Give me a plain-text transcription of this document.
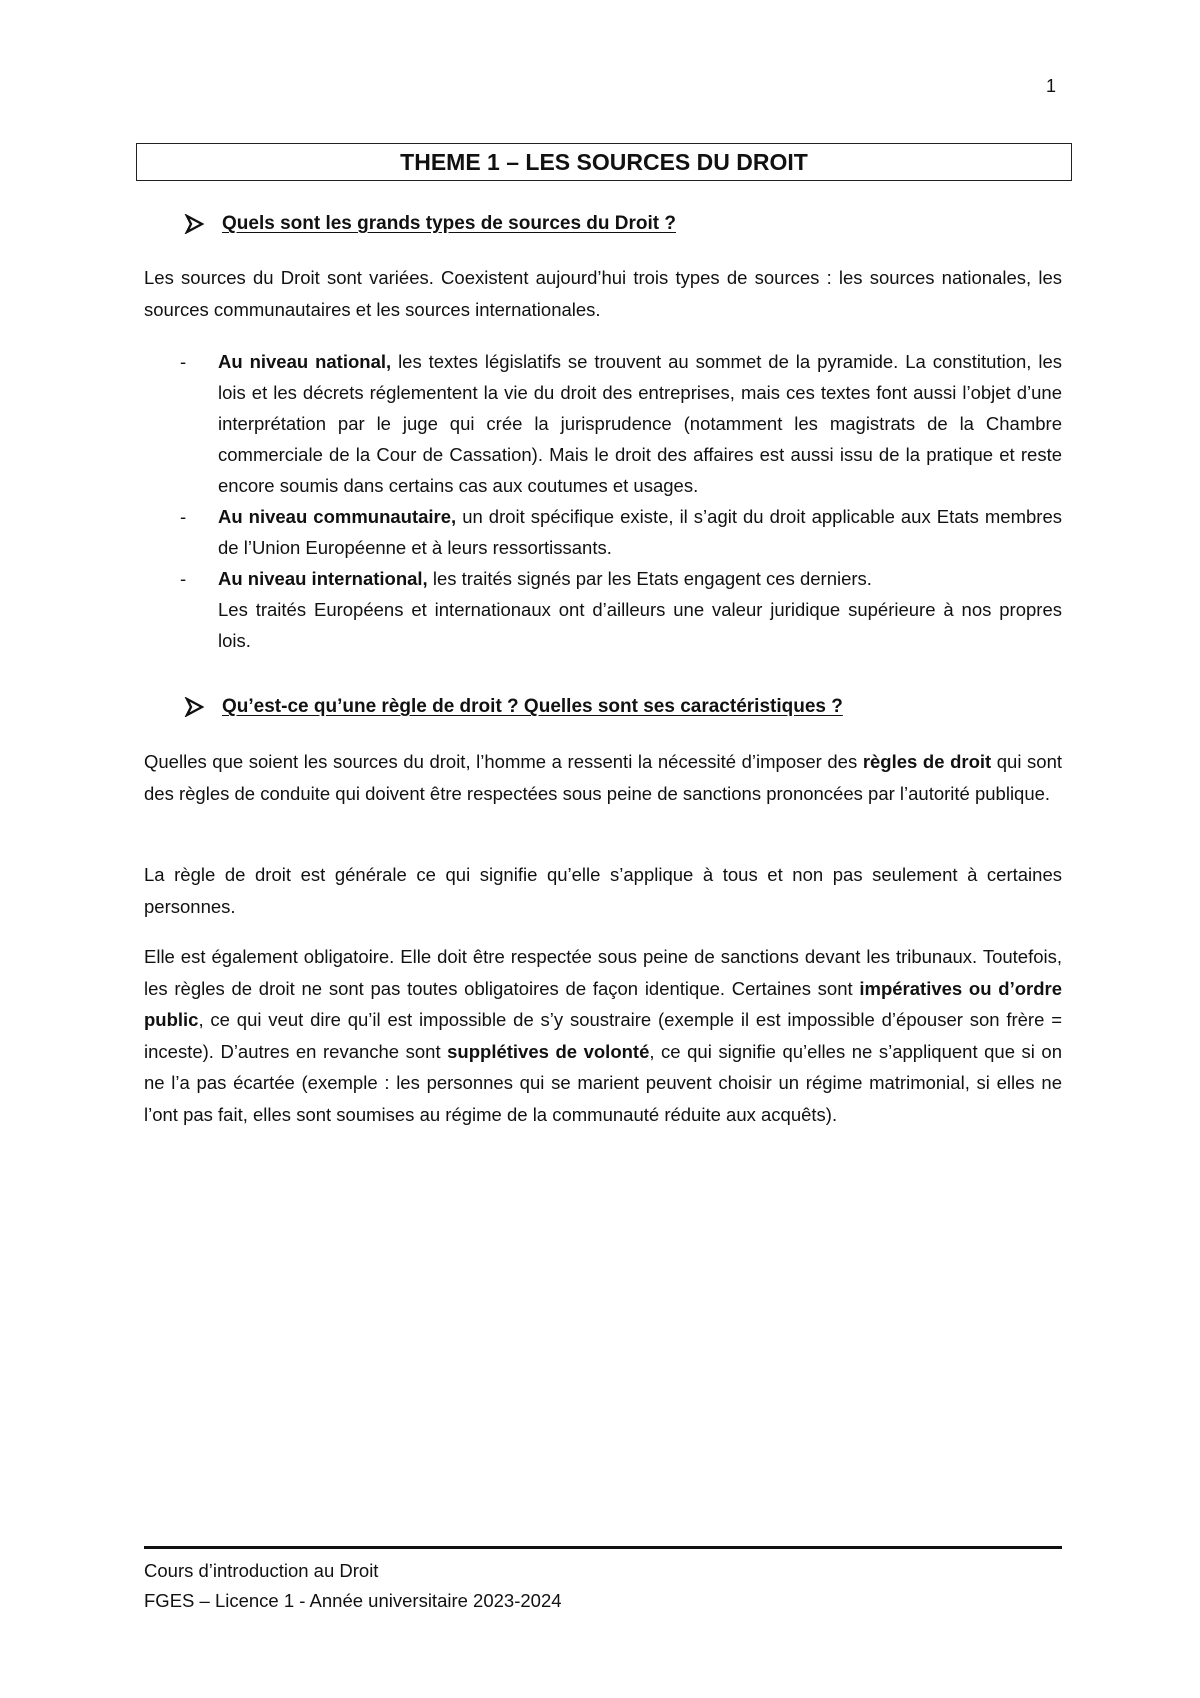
1
THEME 1 – LES SOURCES DU DROIT
Quels sont les grands types de sources du Droit ?

Les sources du Droit sont variées. Coexistent aujourd’hui trois types de sources : les sources nationales, les sources communautaires et les sources internationales.

- Au niveau national, les textes législatifs se trouvent au sommet de la pyramide. La constitution, les lois et les décrets réglementent la vie du droit des entreprises, mais ces textes font aussi l’objet d’une interprétation par le juge qui crée la jurisprudence (notamment les magistrats de la Chambre commerciale de la Cour de Cassation). Mais le droit des affaires est aussi issu de la pratique et reste encore soumis dans certains cas aux coutumes et usages.
- Au niveau communautaire, un droit spécifique existe, il s’agit du droit applicable aux Etats membres de l’Union Européenne et à leurs ressortissants.
- Au niveau international, les traités signés par les Etats engagent ces derniers.
Les traités Européens et internationaux ont d’ailleurs une valeur juridique supérieure à nos propres lois.
Qu’est-ce qu’une règle de droit ? Quelles sont ses caractéristiques ?

Quelles que soient les sources du droit, l’homme a ressenti la nécessité d’imposer des règles de droit qui sont des règles de conduite qui doivent être respectées sous peine de sanctions prononcées par l’autorité publique.

La règle de droit est générale ce qui signifie qu’elle s’applique à tous et non pas seulement à certaines personnes.

Elle est également obligatoire. Elle doit être respectée sous peine de sanctions devant les tribunaux. Toutefois, les règles de droit ne sont pas toutes obligatoires de façon identique. Certaines sont impératives ou d’ordre public, ce qui veut dire qu’il est impossible de s’y soustraire (exemple il est impossible d’épouser son frère = inceste). D’autres en revanche sont supplétives de volonté, ce qui signifie qu’elles ne s’appliquent que si on ne l’a pas écartée (exemple : les personnes qui se marient peuvent choisir un régime matrimonial, si elles ne l’ont pas fait, elles sont soumises au régime de la communauté réduite aux acquêts).

Cours d’introduction au Droit
FGES – Licence 1 - Année universitaire 2023-2024
